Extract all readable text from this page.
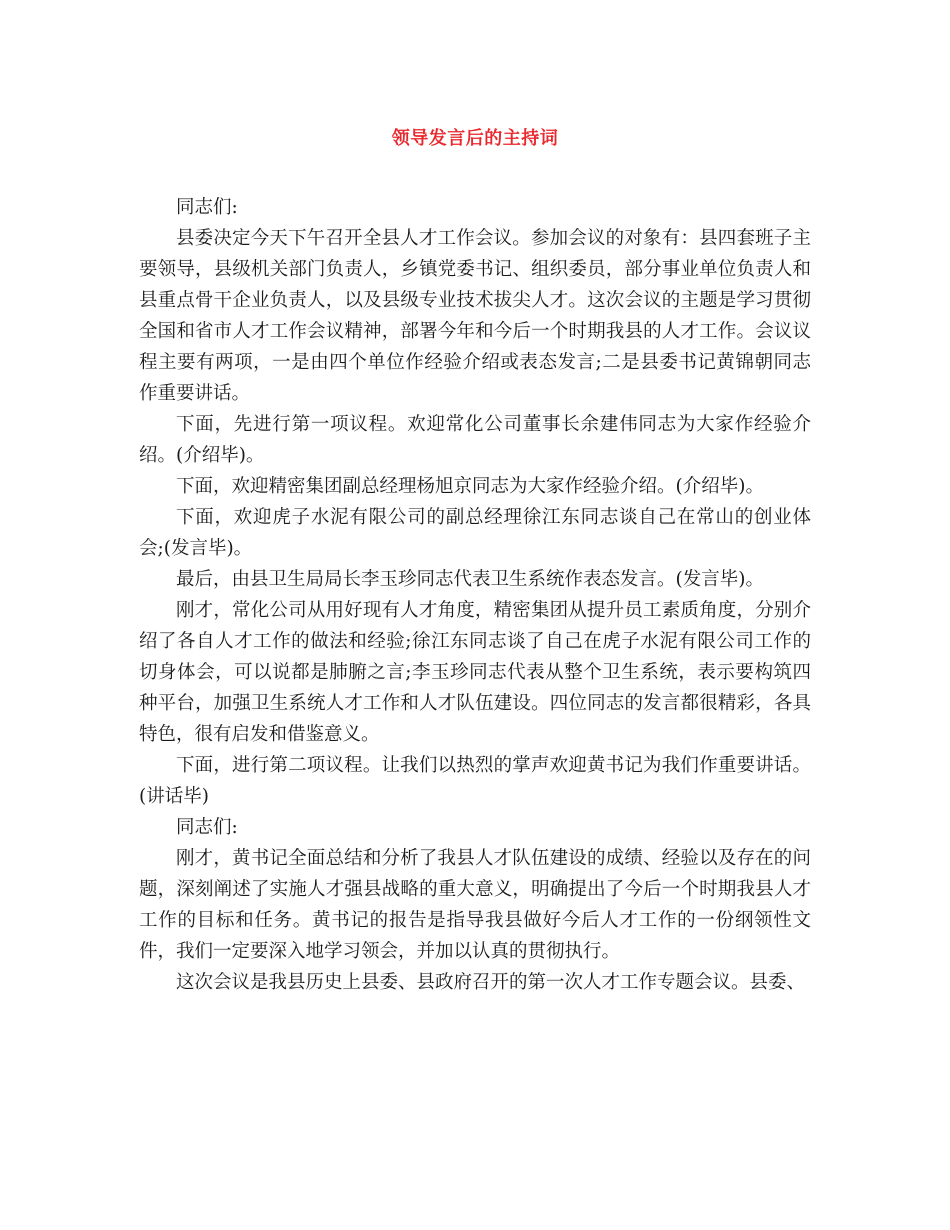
领导发言后的主持词

同志们:

县委决定今天下午召开全县人才工作会议。参加会议的对象有：县四套班子主要领导，县级机关部门负责人，乡镇党委书记、组织委员，部分事业单位负责人和县重点骨干企业负责人，以及县级专业技术拔尖人才。这次会议的主题是学习贯彻全国和省市人才工作会议精神，部署今年和今后一个时期我县的人才工作。会议议程主要有两项，一是由四个单位作经验介绍或表态发言;二是县委书记黄锦朝同志作重要讲话。

下面，先进行第一项议程。欢迎常化公司董事长余建伟同志为大家作经验介绍。(介绍毕)。

下面，欢迎精密集团副总经理杨旭京同志为大家作经验介绍。(介绍毕)。

下面，欢迎虎子水泥有限公司的副总经理徐江东同志谈自己在常山的创业体会;(发言毕)。

最后，由县卫生局局长李玉珍同志代表卫生系统作表态发言。(发言毕)。

刚才，常化公司从用好现有人才角度，精密集团从提升员工素质角度，分别介绍了各自人才工作的做法和经验;徐江东同志谈了自己在虎子水泥有限公司工作的切身体会，可以说都是肺腑之言;李玉珍同志代表从整个卫生系统，表示要构筑四种平台，加强卫生系统人才工作和人才队伍建设。四位同志的发言都很精彩，各具特色，很有启发和借鉴意义。

下面，进行第二项议程。让我们以热烈的掌声欢迎黄书记为我们作重要讲话。(讲话毕)

同志们:

刚才，黄书记全面总结和分析了我县人才队伍建设的成绩、经验以及存在的问题，深刻阐述了实施人才强县战略的重大意义，明确提出了今后一个时期我县人才工作的目标和任务。黄书记的报告是指导我县做好今后人才工作的一份纲领性文件，我们一定要深入地学习领会，并加以认真的贯彻执行。

这次会议是我县历史上县委、县政府召开的第一次人才工作专题会议。县委、
